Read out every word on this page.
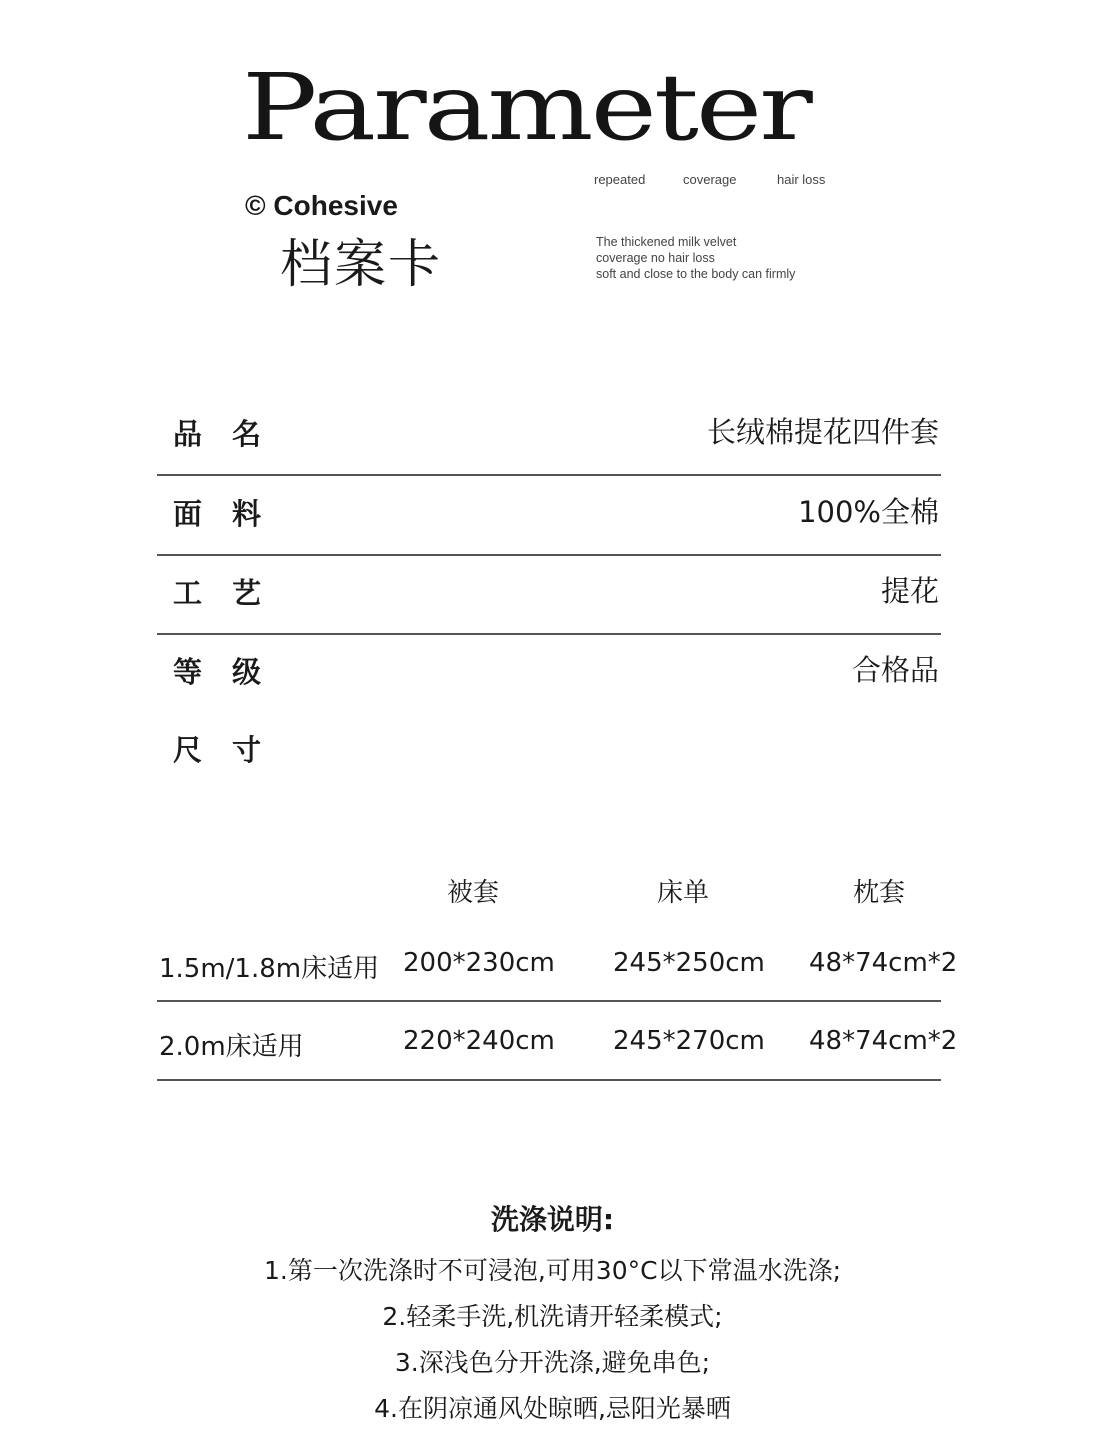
Parameter
repeated	coverage	hair loss
© Cohesive
档案卡	The thickened milk velvet
coverage no hair loss
soft and close to the body can firmly
品名	长绒棉提花四件套
面料	100%全棉
工艺	提花
等级	合格品
尺寸
被套	床单	枕套
1.5m/1.8m床适用 200*230cm 245*250cm 48*74cm*2
2.0m床适用	220*240cm 245*270cm 48*74cm*2
洗涤说明:
1.第一次洗涤时不可浸泡,可用30°C以下常温水洗涤;
2.轻柔手洗,机洗请开轻柔模式;
3.深浅色分开洗涤,避免串色;
4.在阴凉通风处晾晒,忌阳光暴晒
